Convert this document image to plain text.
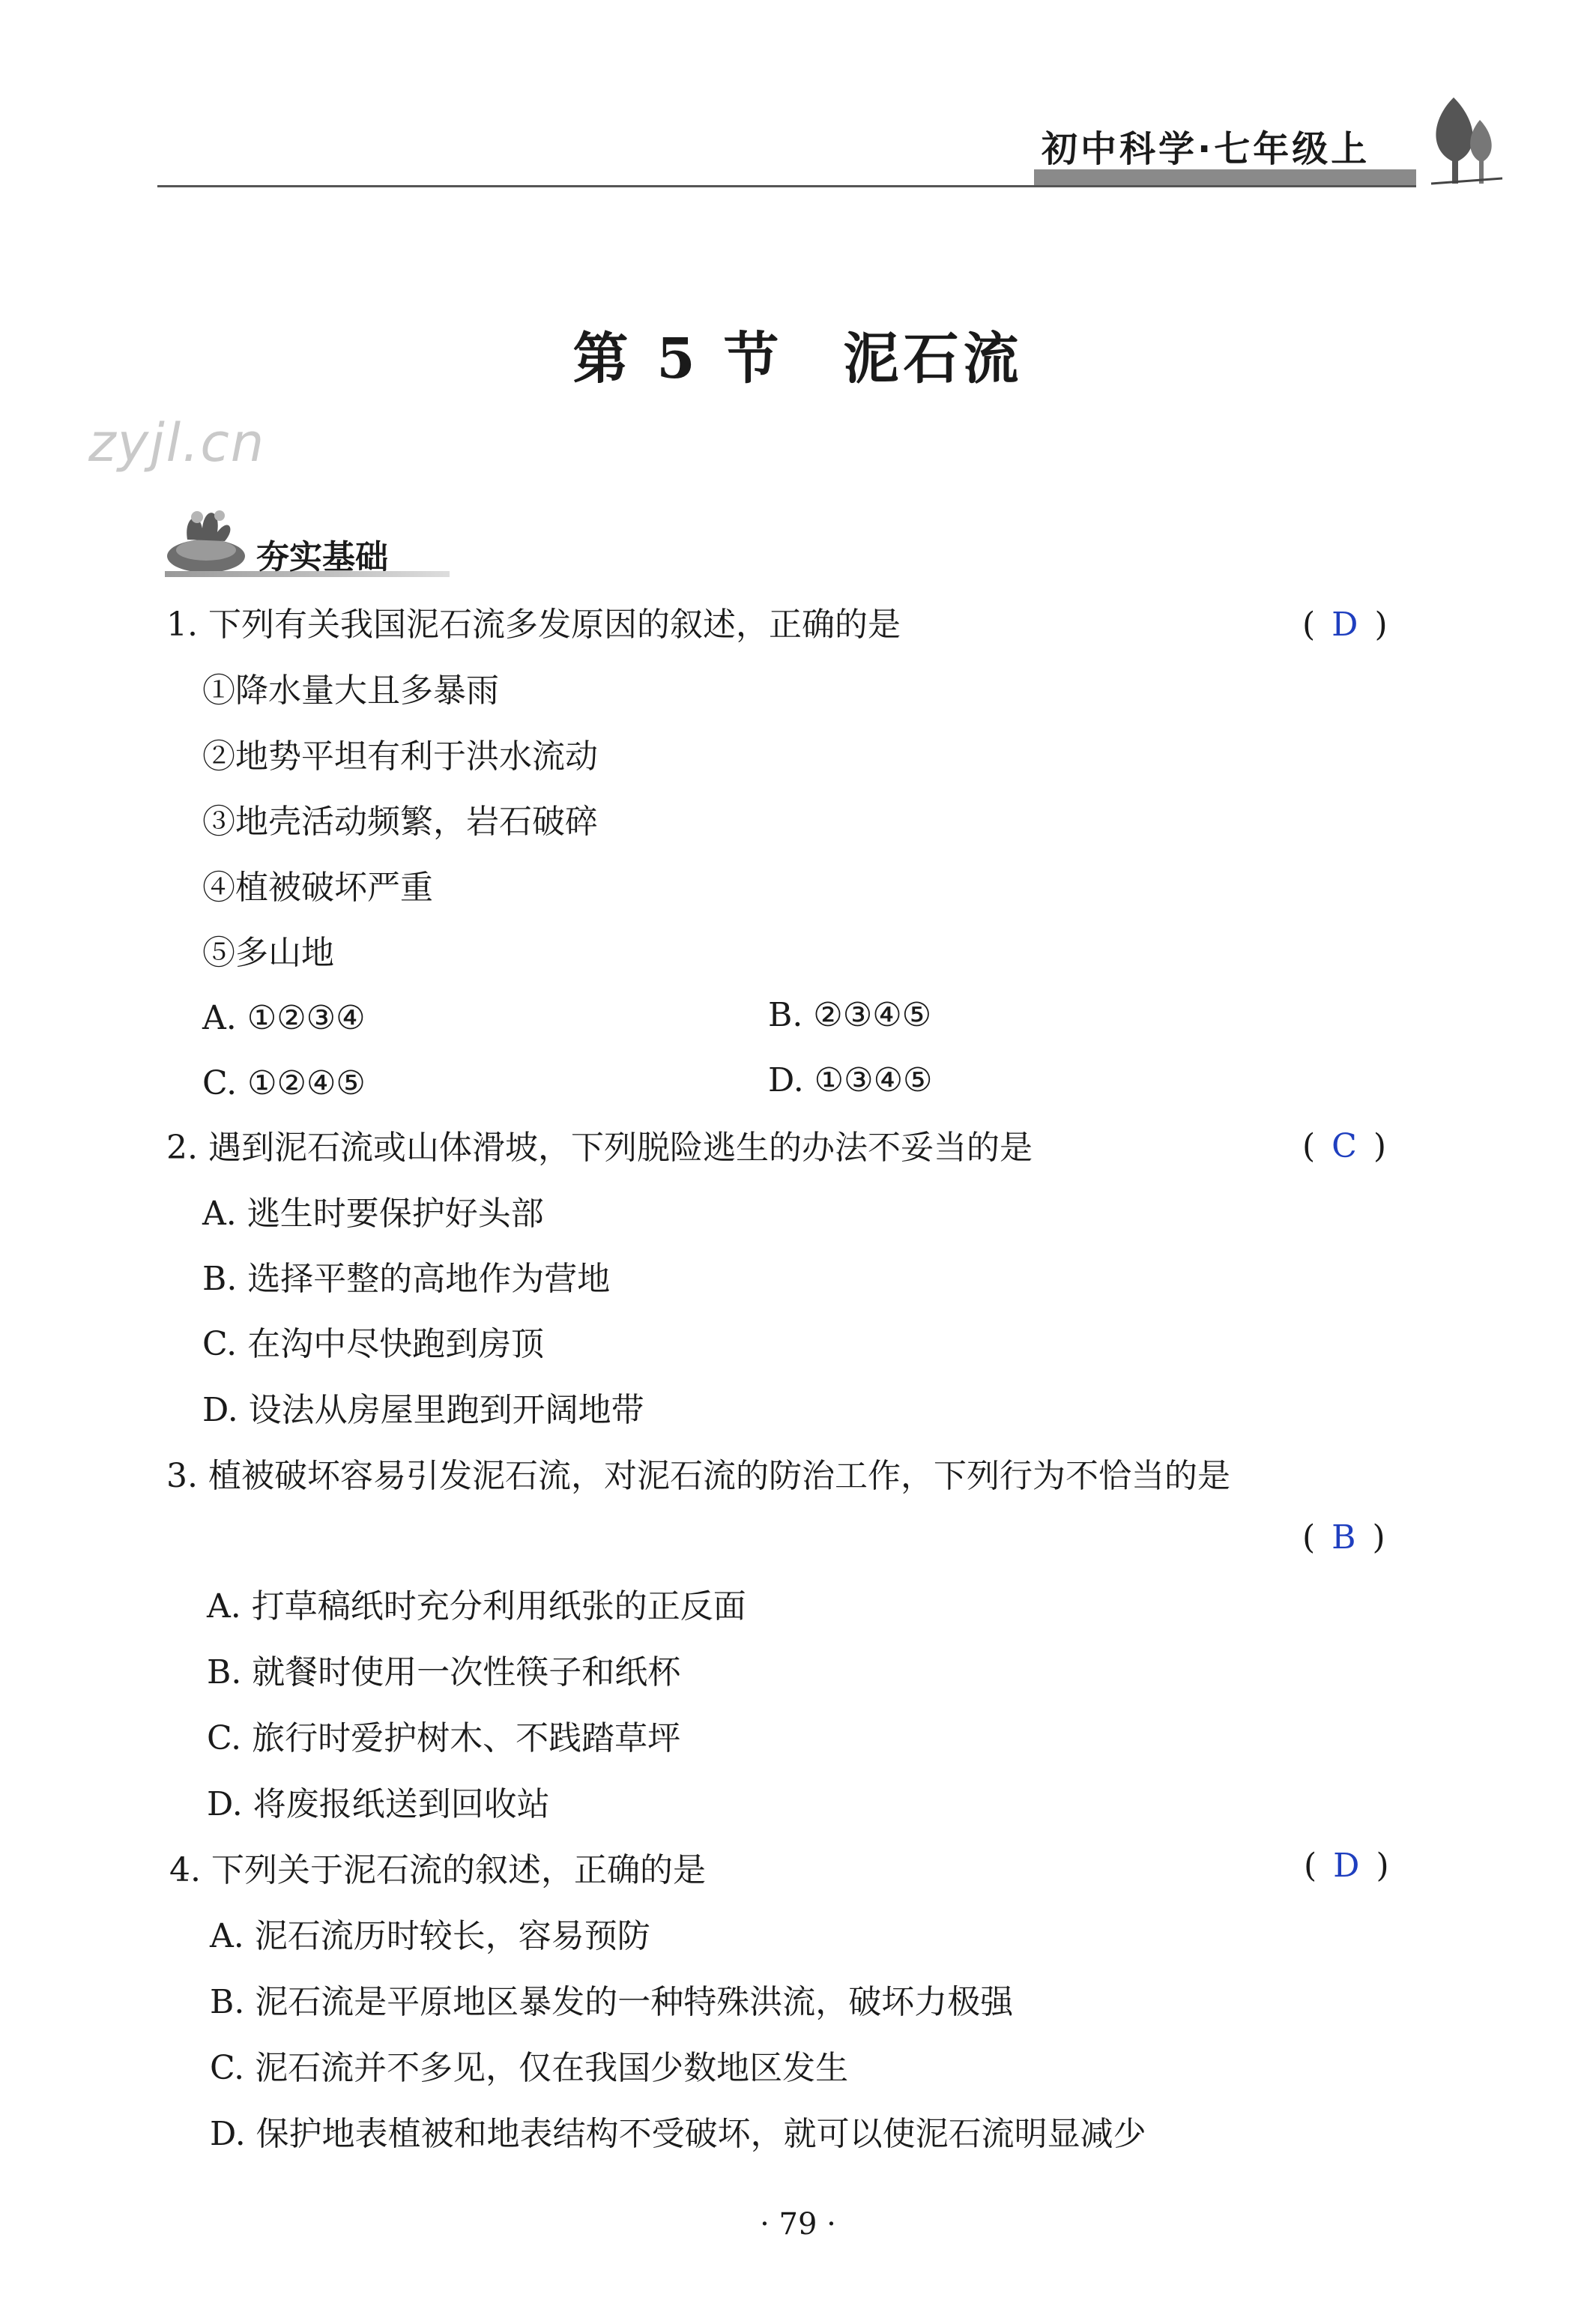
初中科学·七年级上
zyjl.cn
第 5 节　泥石流
夯实基础
1. 下列有关我国泥石流多发原因的叙述，正确的是	( D )
①降水量大且多暴雨
②地势平坦有利于洪水流动
③地壳活动频繁，岩石破碎
④植被破坏严重
⑤多山地
A. ①②③④	B. ②③④⑤
C. ①②④⑤	D. ①③④⑤
2. 遇到泥石流或山体滑坡，下列脱险逃生的办法不妥当的是	( C )
A. 逃生时要保护好头部
B. 选择平整的高地作为营地
C. 在沟中尽快跑到房顶
D. 设法从房屋里跑到开阔地带
3. 植被破坏容易引发泥石流，对泥石流的防治工作，下列行为不恰当的是
( B )
A. 打草稿纸时充分利用纸张的正反面
B. 就餐时使用一次性筷子和纸杯
C. 旅行时爱护树木、不践踏草坪
D. 将废报纸送到回收站
4. 下列关于泥石流的叙述，正确的是	( D )
A. 泥石流历时较长，容易预防
B. 泥石流是平原地区暴发的一种特殊洪流，破坏力极强
C. 泥石流并不多见，仅在我国少数地区发生
D. 保护地表植被和地表结构不受破坏，就可以使泥石流明显减少
· 79 ·
